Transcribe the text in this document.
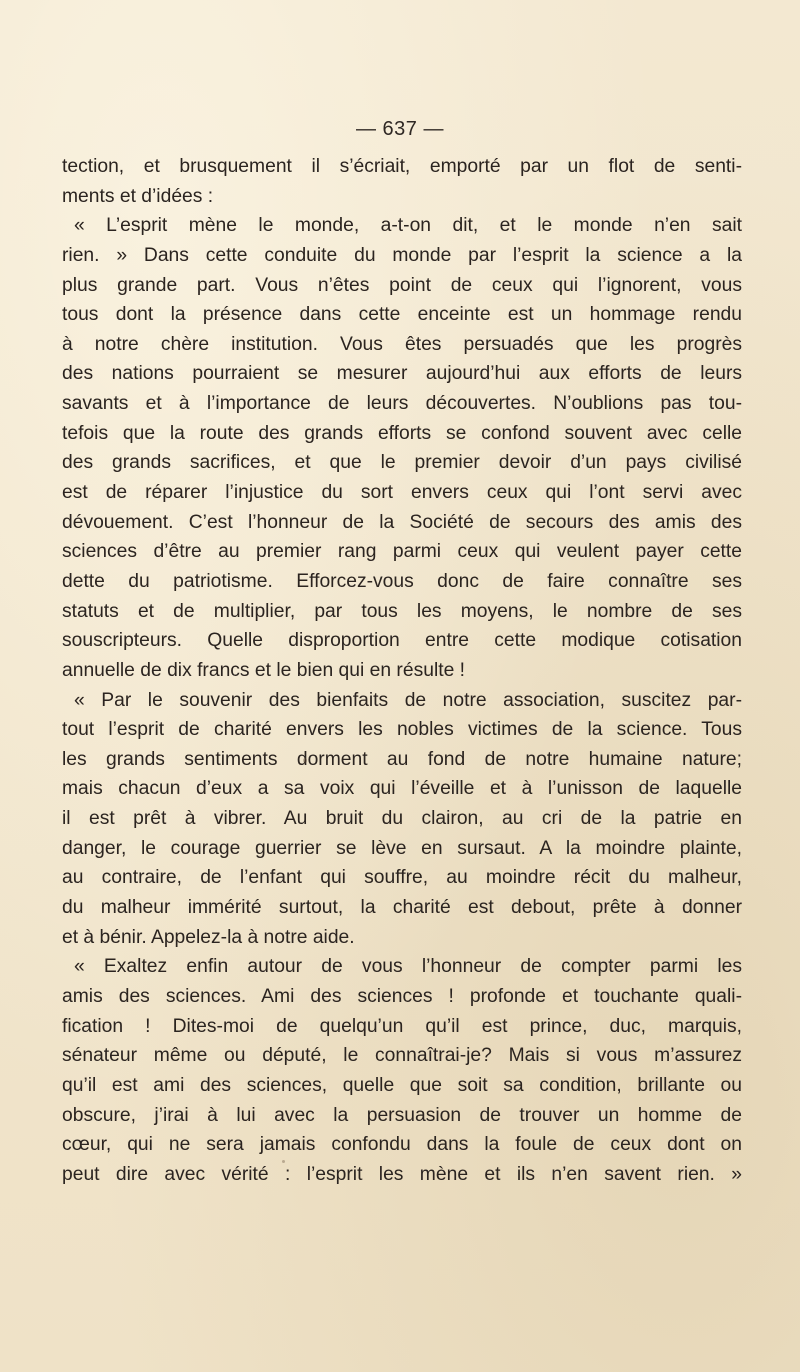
— 637 —
tection, et brusquement il s’écriait, emporté par un flot de senti-
ments et d’idées :
« L’esprit mène le monde, a-t-on dit, et le monde n’en sait
rien. » Dans cette conduite du monde par l’esprit la science a la
plus grande part. Vous n’êtes point de ceux qui l’ignorent, vous
tous dont la présence dans cette enceinte est un hommage rendu
à notre chère institution. Vous êtes persuadés que les progrès
des nations pourraient se mesurer aujourd’hui aux efforts de leurs
savants et à l’importance de leurs découvertes. N’oublions pas tou-
tefois que la route des grands efforts se confond souvent avec celle
des grands sacrifices, et que le premier devoir d’un pays civilisé
est de réparer l’injustice du sort envers ceux qui l’ont servi avec
dévouement. C’est l’honneur de la Société de secours des amis des
sciences d’être au premier rang parmi ceux qui veulent payer cette
dette du patriotisme. Efforcez-vous donc de faire connaître ses
statuts et de multiplier, par tous les moyens, le nombre de ses
souscripteurs. Quelle disproportion entre cette modique cotisation
annuelle de dix francs et le bien qui en résulte !
« Par le souvenir des bienfaits de notre association, suscitez par-
tout l’esprit de charité envers les nobles victimes de la science. Tous
les grands sentiments dorment au fond de notre humaine nature;
mais chacun d’eux a sa voix qui l’éveille et à l’unisson de laquelle
il est prêt à vibrer. Au bruit du clairon, au cri de la patrie en
danger, le courage guerrier se lève en sursaut. A la moindre plainte,
au contraire, de l’enfant qui souffre, au moindre récit du malheur,
du malheur immérité surtout, la charité est debout, prête à donner
et à bénir. Appelez-la à notre aide.
« Exaltez enfin autour de vous l’honneur de compter parmi les
amis des sciences. Ami des sciences ! profonde et touchante quali-
fication ! Dites-moi de quelqu’un qu’il est prince, duc, marquis,
sénateur même ou député, le connaîtrai-je? Mais si vous m’assurez
qu’il est ami des sciences, quelle que soit sa condition, brillante ou
obscure, j’irai à lui avec la persuasion de trouver un homme de
cœur, qui ne sera jamais confondu dans la foule de ceux dont on
peut dire avec vérité : l’esprit les mène et ils n’en savent rien. »
